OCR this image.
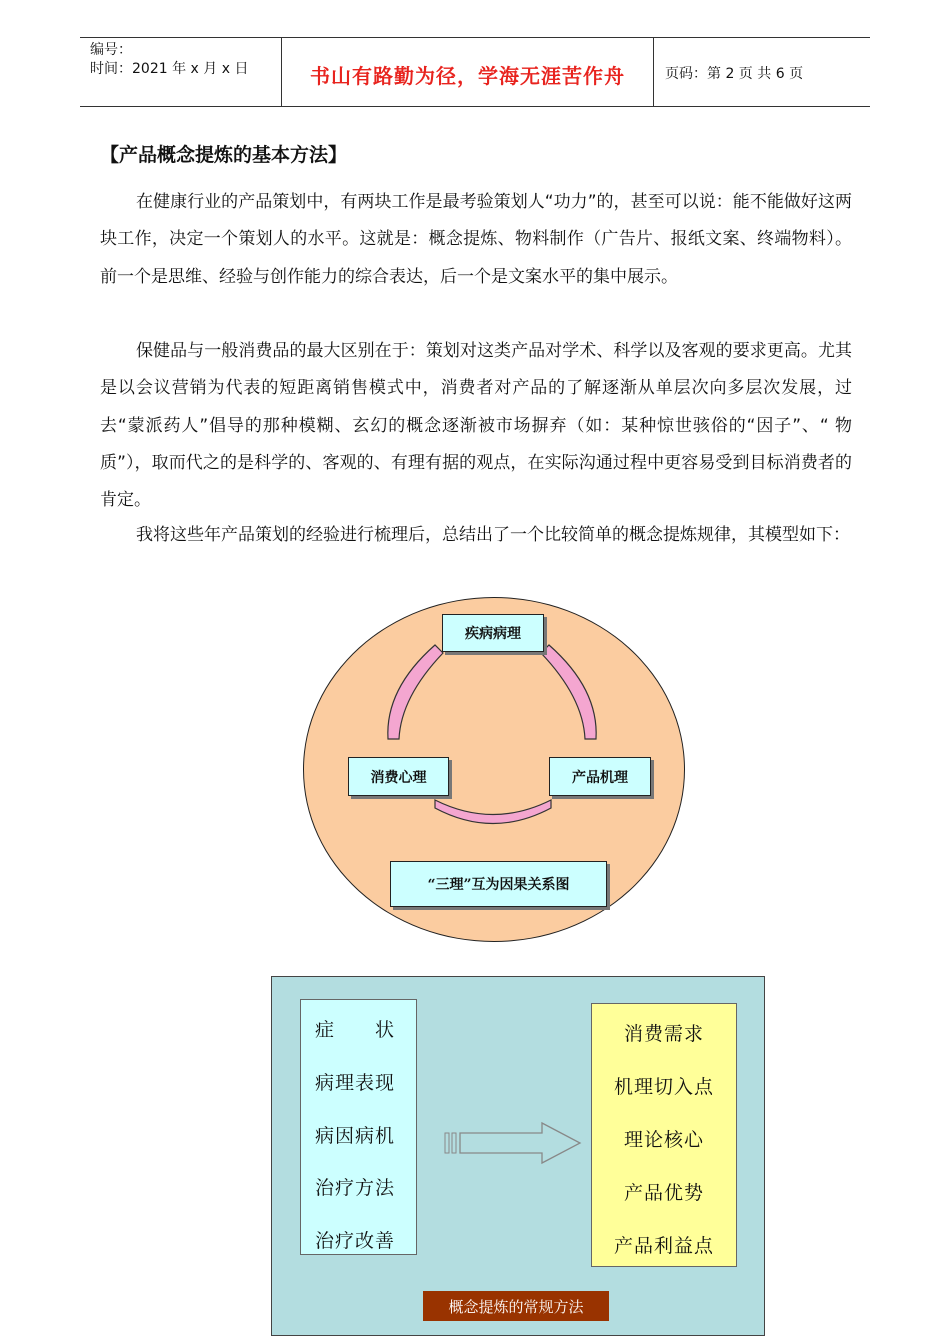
编号：
时间：2021 年 x 月 x 日	书山有路勤为径，学海无涯苦作舟	页码：第 2 页 共 6 页
【产品概念提炼的基本方法】

在健康行业的产品策划中，有两块工作是最考验策划人“功力”的，甚至可以说：能不能做好这两块工作，决定一个策划人的水平。这就是：概念提炼、物料制作（广告片、报纸文案、终端物料）。前一个是思维、经验与创作能力的综合表达，后一个是文案水平的集中展示。

保健品与一般消费品的最大区别在于：策划对这类产品对学术、科学以及客观的要求更高。尤其是以会议营销为代表的短距离销售模式中，消费者对产品的了解逐渐从单层次向多层次发展，过去“蒙派药人”倡导的那种模糊、玄幻的概念逐渐被市场摒弃（如：某种惊世骇俗的“因子”、“ 物质”），取而代之的是科学的、客观的、有理有据的观点，在实际沟通过程中更容易受到目标消费者的肯定。

我将这些年产品策划的经验进行梳理后，总结出了一个比较简单的概念提炼规律，其模型如下：

疾病病理
消费心理	产品机理
“三理”互为因果关系图
症　　状
病理表现
病因病机
治疗方法
治疗改善
消费需求
机理切入点
理论核心
产品优势
产品利益点
概念提炼的常规方法
